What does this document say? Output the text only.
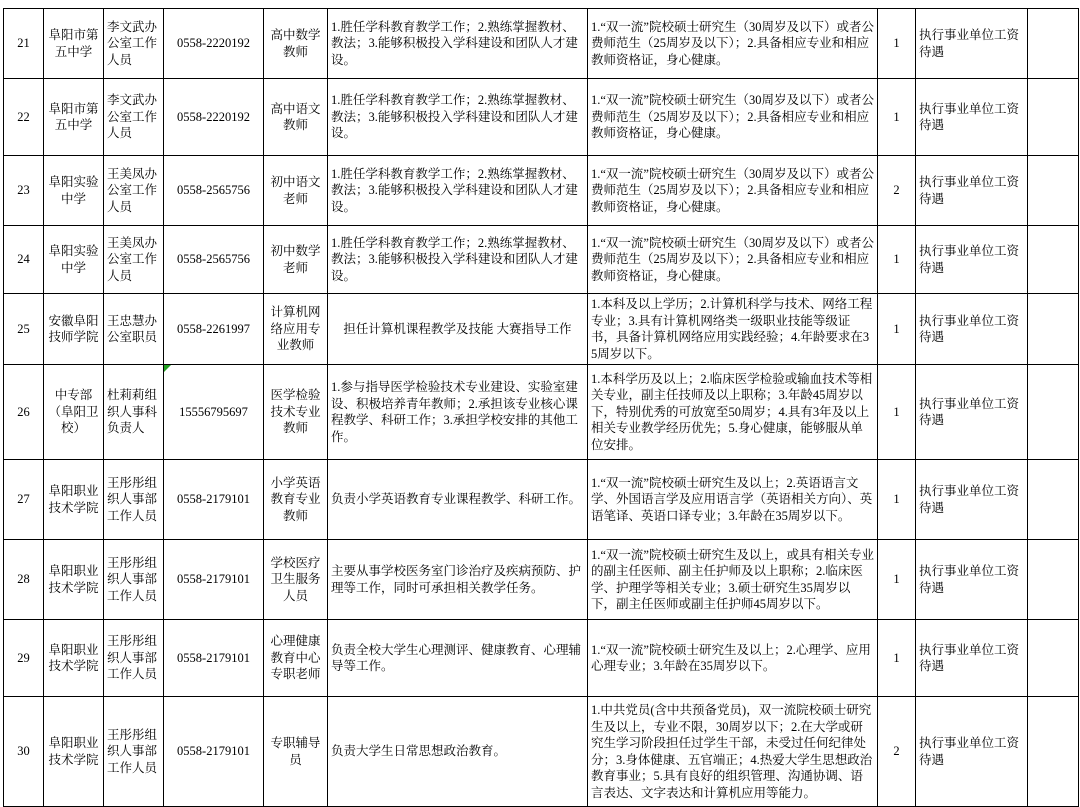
21	阜阳市第五中学	李文武办公室工作人员	0558-2220192	高中数学教师	1.胜任学科教育教学工作；2.熟练掌握教材、教法；3.能够积极投入学科建设和团队人才建设。	1.“双一流”院校硕士研究生（30周岁及以下）或者公费师范生（25周岁及以下）；2.具备相应专业和相应教师资格证，身心健康。	1	执行事业单位工资待遇	
22	阜阳市第五中学	李文武办公室工作人员	0558-2220192	高中语文教师	1.胜任学科教育教学工作；2.熟练掌握教材、教法；3.能够积极投入学科建设和团队人才建设。	1.“双一流”院校硕士研究生（30周岁及以下）或者公费师范生（25周岁及以下）；2.具备相应专业和相应教师资格证，身心健康。	1	执行事业单位工资待遇	
23	阜阳实验中学	王美凤办公室工作人员	0558-2565756	初中语文老师	1.胜任学科教育教学工作；2.熟练掌握教材、教法；3.能够积极投入学科建设和团队人才建设。	1.“双一流”院校硕士研究生（30周岁及以下）或者公费师范生（25周岁及以下）；2.具备相应专业和相应教师资格证，身心健康。	2	执行事业单位工资待遇	
24	阜阳实验中学	王美凤办公室工作人员	0558-2565756	初中数学老师	1.胜任学科教育教学工作；2.熟练掌握教材、教法；3.能够积极投入学科建设和团队人才建设。	1.“双一流”院校硕士研究生（30周岁及以下）或者公费师范生（25周岁及以下）；2.具备相应专业和相应教师资格证，身心健康。	1	执行事业单位工资待遇	
25	安徽阜阳技师学院	王忠慧办公室职员	0558-2261997	计算机网络应用专业教师	担任计算机课程教学及技能 大赛指导工作	1.本科及以上学历；2.计算机科学与技术、网络工程专业；3.具有计算机网络类一级职业技能等级证书，具备计算机网络应用实践经验；4.年龄要求在35周岁以下。	1	执行事业单位工资待遇	
26	中专部（阜阳卫校）	杜莉莉组织人事科负责人	15556795697	医学检验技术专业教师	1.参与指导医学检验技术专业建设、实验室建设、积极培养青年教师；2.承担该专业核心课程教学、科研工作；3.承担学校安排的其他工作。	1.本科学历及以上；2.临床医学检验或输血技术等相关专业，副主任技师及以上职称；3.年龄45周岁以下，特别优秀的可放宽至50周岁；4.具有3年及以上相关专业教学经历优先；5.身心健康，能够服从单位安排。	1	执行事业单位工资待遇	
27	阜阳职业技术学院	王彤彤组织人事部工作人员	0558-2179101	小学英语教育专业教师	负责小学英语教育专业课程教学、科研工作。	1.“双一流”院校硕士研究生及以上；2.英语语言文学、外国语言学及应用语言学（英语相关方向）、英语笔译、英语口译专业；3.年龄在35周岁以下。	1	执行事业单位工资待遇	
28	阜阳职业技术学院	王彤彤组织人事部工作人员	0558-2179101	学校医疗卫生服务人员	主要从事学校医务室门诊治疗及疾病预防、护理等工作，同时可承担相关教学任务。	1.“双一流”院校硕士研究生及以上，或具有相关专业的副主任医师、副主任护师及以上职称；2.临床医学、护理学等相关专业；3.硕士研究生35周岁以下，副主任医师或副主任护师45周岁以下。	1	执行事业单位工资待遇	
29	阜阳职业技术学院	王彤彤组织人事部工作人员	0558-2179101	心理健康教育中心专职老师	负责全校大学生心理测评、健康教育、心理辅导等工作。	1.“双一流”院校硕士研究生及以上；2.心理学、应用心理专业；3.年龄在35周岁以下。	1	执行事业单位工资待遇	
30	阜阳职业技术学院	王彤彤组织人事部工作人员	0558-2179101	专职辅导员	负责大学生日常思想政治教育。	1.中共党员(含中共预备党员)，双一流院校硕士研究生及以上，专业不限，30周岁以下；2.在大学或研究生学习阶段担任过学生干部，未受过任何纪律处分；3.身体健康、五官端正；4.热爱大学生思想政治教育事业；5.具有良好的组织管理、沟通协调、语言表达、文字表达和计算机应用等能力。	2	执行事业单位工资待遇	
